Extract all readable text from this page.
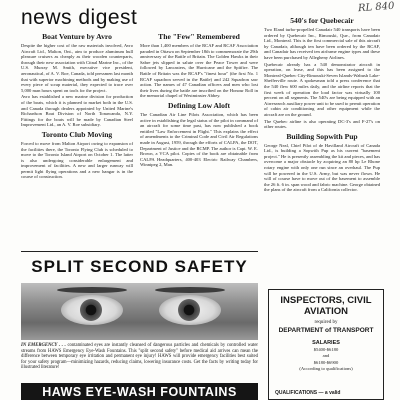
RL 840
news digest
Boat Venture by Avro

Despite the higher cost of the raw materials involved, Avro Aircraft Ltd., Malton, Ont., aim to produce aluminum hull pleasure cruisers as cheaply as their wooden counterparts, through their new association with Citnal Marine Inc., of the U.S. Murray M. Smith, executive vice president, aeronautical, of A. V. Roe, Canada, told pressmen last month that with superior machining methods and by making use of every piece of scrap material, they expected to trace over 5,000 man hours spent on tools for the project.

Avro has established a new marine division for production of the boats, which it is planned to market both in the U.S. and Canada through dealers appointed by United Marine's Richardson Boat Division of North Tonawanda, N.Y. Fittings for the boats will be made by Canadian Steel Improvement Ltd., an A. V. Roe subsidiary.

Toronto Club Moving

Forced to move from Malton Airport owing to expansion of the facilities there, the Toronto Flying Club is scheduled to move to the Toronto Island Airport on October 1. The latter is also undergoing considerable enlargement and improvement of facilities. A new and larger runway will permit light flying operations and a new hangar is in the course of construction.

The "Few" Remembered

More than 1,400 members of the RCAF and RCAF Association paraded in Ottawa on September 18th to commemorate the 29th anniversary of the Battle of Britain. The Golden Hawks in their Sabre jets slipped in salute over the Peace Tower and were followed by Lancasters, the Hurricane and the Spitfire. The Battle of Britain was the RCAF's "finest hour" (the first No. 1 RCAF squadron served in the Battle) and 242 Squadron saw action. The names of 47 Canadian officers and men who lost their lives during the battle are inscribed on the Honour Roll in the memorial chapel of Westminster Abbey.

Defining Low Aloft

The Canadian Air Line Pilots Association, which has been active in establishing the legal status of the pilot in command of an aircraft for some time past, has now published a book entitled "Law Enforcement in Flight." This explains the effect of amendments to the Criminal Code and Civil Air Regulations made in August, 1959, through the efforts of CALPA, the DOT, Department of Justice and the RCMP. The author is Capt. W. E. Brown, a VCA pilot. Copies of the book are obtainable from CALPA Headquarters, 400-403 Electric Railway Chambers, Winnipeg 2, Man.

540's for Quebecair

Two Eland turbo-propelled Canadair 540 transports have been ordered by Quebecair Inc., Rimouski, Que., from Canadair Ltd., Montreal. This is the first commercial sale of this aircraft by Canadair, although ten have been ordered by the RCAF, and Canadair has received ten airframe engine types and these have been purchased by Allegheny Airlines.

Quebecair already has a 540 demonstrator aircraft in operation, on lease, and this has been assigned to the Montreal-Quebec City-Rimouski-Seven Islands-Wabush Lake-Shefferville route. A spokesman told a press conference that the 540 flew 600 miles daily, and the airline reports that the first week of operation the load factor was virtually 100 percent on all segments. The 540's are being equipped with an Airresearch auxiliary power unit to be used to permit operation of cabin air conditioning and other equipment while the aircraft are on the ground.

The Quebec airline is also operating DC-3's and F-27's on other routes.

Building Sopwith Pup

George Neal, Chief Pilot of de Havilland Aircraft of Canada Ltd., is building a Sopwith Pup as his current "basement project." He is presently assembling the kit and pieces, and has overcome a major obstacle by acquiring an 80 hp Le Rhone rotary engine with only one run since an overhaul. The Pup will be powered in the U.S. Army, but was never flown. He will of course have to move out of the basement to assemble the 26 ft. 6 in. span wood and fabric machine. George obtained the plans of the aircraft from a California collector.

SPLIT SECOND SAFETY
IN EMERGENCY . . . contaminated eyes are instantly cleansed of dangerous particles and chemicals by controlled water streams from HAWS Emergency Eye-Wash Fountains. This "split second safety" before medical aid arrives can mean the difference between temporary eye irritation and permanent eye injury! HAWS will provide emergency facilities best suited for your safety program—minimizing hazards, reducing claims, lowering insurance costs. Get the facts by writing today for illustrated literature!
HAWS EYE-WASH FOUNTAINS
INSPECTORS, CIVIL AVIATION
required by
DEPARTMENT of TRANSPORT
SALARIES
$5400-$6180
and
$6180-$6900
(According to qualifications)
QUALIFICATIONS — a valid
